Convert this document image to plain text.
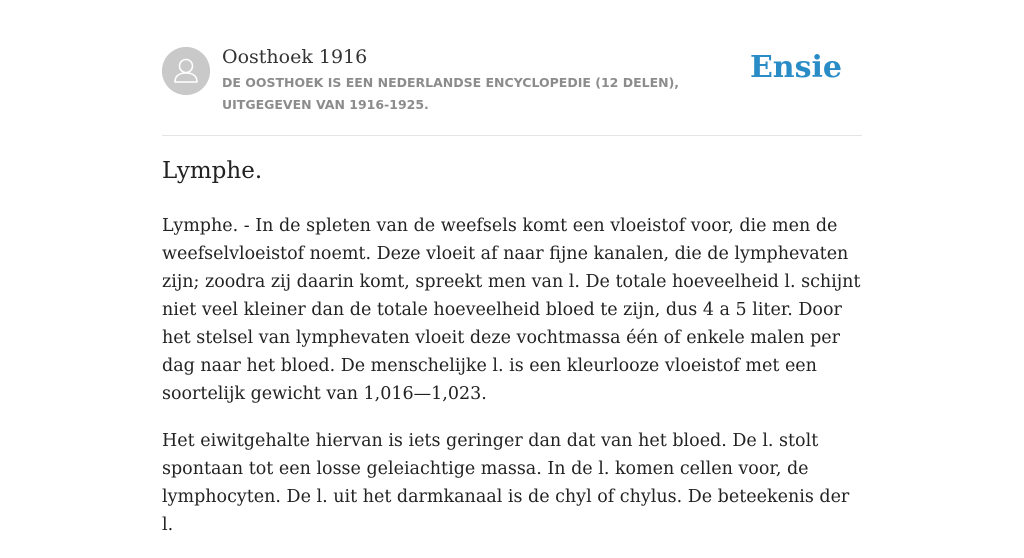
Oosthoek 1916
DE OOSTHOEK IS EEN NEDERLANDSE ENCYCLOPEDIE (12 DELEN), UITGEGEVEN VAN 1916-1925.
Ensie
Lymphe.

Lymphe. - In de spleten van de weefsels komt een vloeistof voor, die men de weefselvloeistof noemt. Deze vloeit af naar fijne kanalen, die de lymphevaten zijn; zoodra zij daarin komt, spreekt men van l. De totale hoeveelheid l. schijnt niet veel kleiner dan de totale hoeveelheid bloed te zijn, dus 4 a 5 liter. Door het stelsel van lymphevaten vloeit deze vochtmassa één of enkele malen per dag naar het bloed. De menschelijke l. is een kleurlooze vloeistof met een soortelijk gewicht van 1,016—1,023.

Het eiwitgehalte hiervan is iets geringer dan dat van het bloed. De l. stolt spontaan tot een losse geleiachtige massa. In de l. komen cellen voor, de lymphocyten. De l. uit het darmkanaal is de chyl of chylus. De beteekenis der l.
